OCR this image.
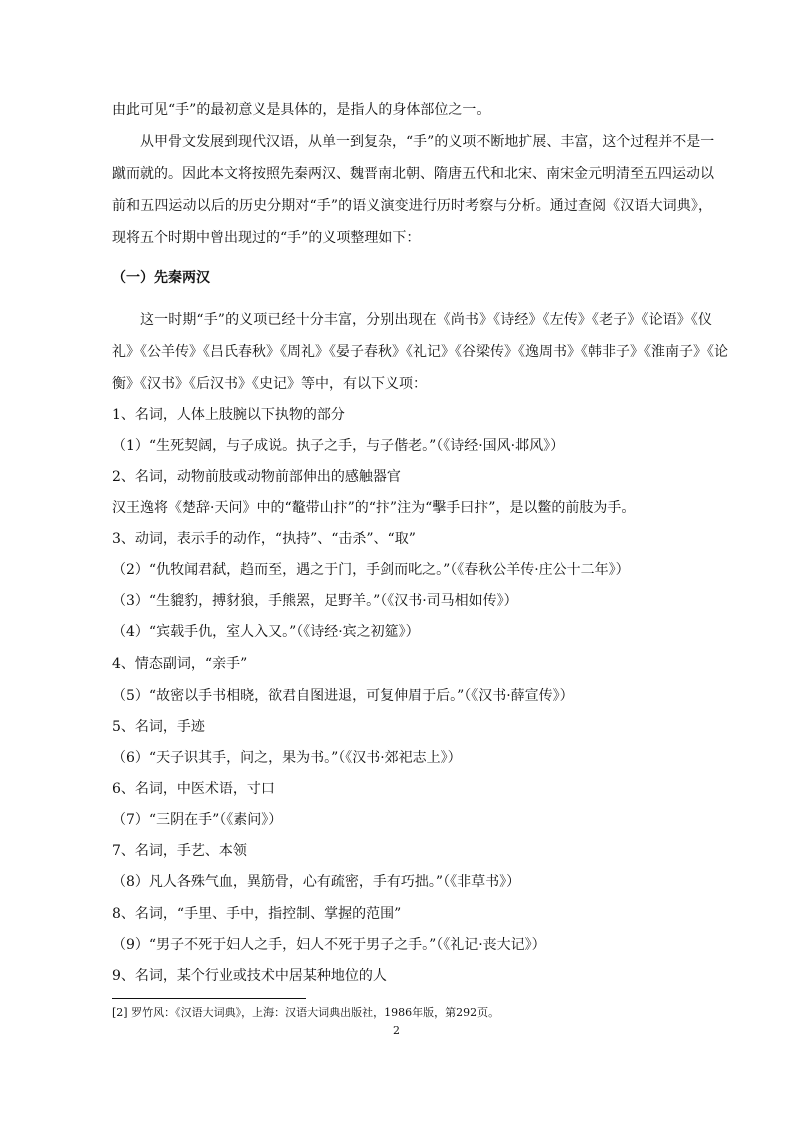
由此可见“手”的最初意义是具体的，是指人的身体部位之一。
从甲骨文发展到现代汉语，从单一到复杂，“手”的义项不断地扩展、丰富，这个过程并不是一
蹴而就的。因此本文将按照先秦两汉、魏晋南北朝、隋唐五代和北宋、南宋金元明清至五四运动以
前和五四运动以后的历史分期对“手”的语义演变进行历时考察与分析。通过查阅《汉语大词典》，
现将五个时期中曾出现过的“手”的义项整理如下：
（一）先秦两汉
这一时期“手”的义项已经十分丰富，分别出现在《尚书》《诗经》《左传》《老子》《论语》《仪
礼》《公羊传》《吕氏春秋》《周礼》《晏子春秋》《礼记》《谷梁传》《逸周书》《韩非子》《淮南子》《论
衡》《汉书》《后汉书》《史记》等中，有以下义项：
1、名词，人体上肢腕以下执物的部分
（1）“生死契阔，与子成说。执子之手，与子偕老。”（《诗经·国风·邶风》）
2、名词，动物前肢或动物前部伸出的感触器官
汉王逸将《楚辞·天问》中的“鼇带山抃”的“抃”注为“擊手曰抃”，是以鳖的前肢为手。
3、动词，表示手的动作，“执持”、“击杀”、“取”
（2）“仇牧闻君弑，趋而至，遇之于门，手剑而叱之。”（《春秋公羊传·庄公十二年》）
（3）“生貔豹，搏豺狼，手熊罴，足野羊。”（《汉书·司马相如传》）
（4）“宾载手仇，室人入又。”（《诗经·宾之初筵》）
4、情态副词，“亲手”
（5）“故密以手书相晓，欲君自图进退，可复伸眉于后。”（《汉书·薛宣传》）
5、名词，手迹
（6）“天子识其手，问之，果为书。”（《汉书·郊祀志上》）
6、名词，中医术语，寸口
（7）“三阴在手”（《素问》）
7、名词，手艺、本领
（8）凡人各殊气血，異筋骨，心有疏密，手有巧拙。”（《非草书》）
8、名词，“手里、手中，指控制、掌握的范围”
（9）“男子不死于妇人之手，妇人不死于男子之手。”（《礼记·丧大记》）
9、名词，某个行业或技术中居某种地位的人
[2] 罗竹风：《汉语大词典》，上海：汉语大词典出版社，1986年版，第292页。
2
